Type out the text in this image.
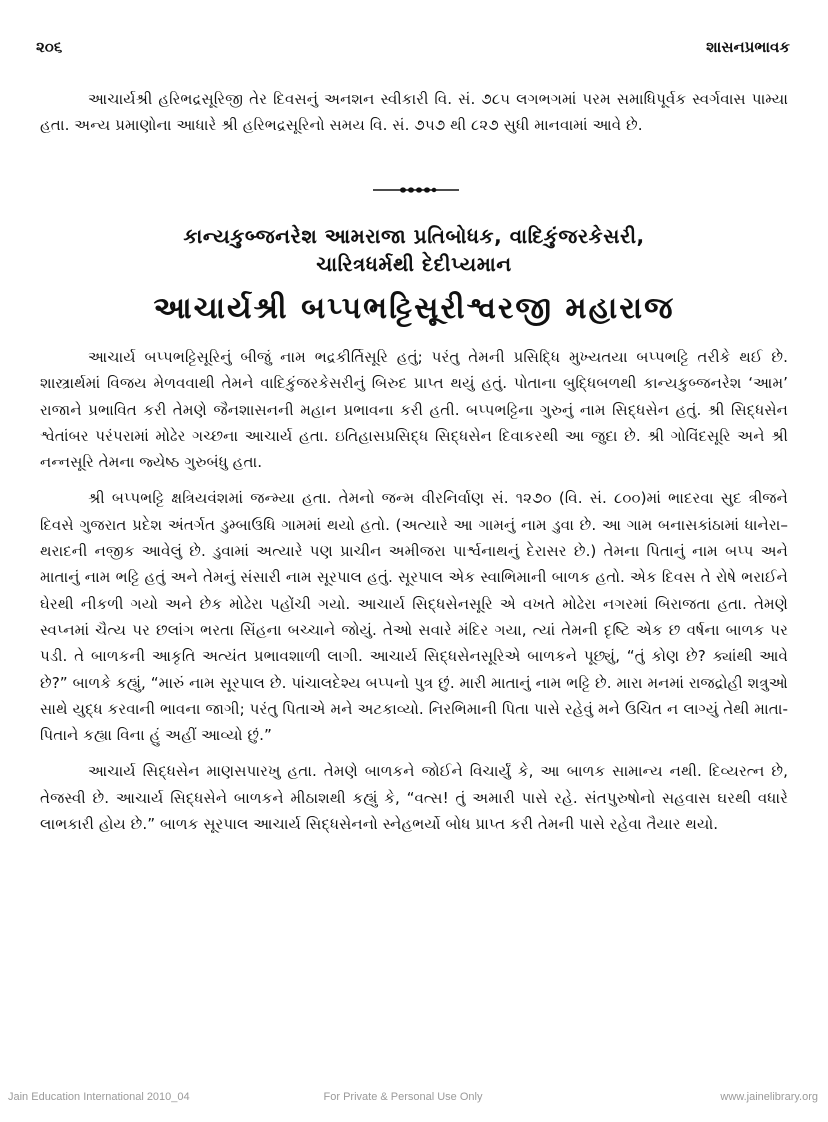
૨૦૬	શાસનપ્રભાવક

આચાર્યશ્રી હરિભદ્રસૂરિજી તેર દિવસનું અનશન સ્વીકારી વિ. સં. ૭૮૫ લગભગમાં પરમ સમાધિપૂર્વક સ્વર્ગવાસ પામ્યા હતા. અન્ય પ્રમાણોના આધારે શ્રી હરિભદ્રસૂરિનો સમય વિ. સં. ૭૫૭ થી ૮૨૭ સુધી માનવામાં આવે છે.

કાન્યકુબ્જનરેશ આમરાજા પ્રતિબોધક, વાદિકુંજરકેસરી,
ચારિત્રધર્મથી દેદીપ્યમાન
આચાર્યશ્રી બપ્પભટ્ટિસૂરીશ્વરજી મહારાજ

આચાર્ય બપ્પભટ્ટિસૂરિનું બીજું નામ ભદ્રકીર્તિસૂરિ હતું; પરંતુ તેમની પ્રસિદ્ધિ મુખ્યતયા બપ્પભટ્ટિ તરીકે થઈ છે. શાસ્ત્રાર્થમાં વિજય મેળવવાથી તેમને વાદિકુંજરકેસરીનું બિરુદ પ્રાપ્ત થયું હતું. પોતાના બુદ્ધિબળથી કાન્યકુબ્જનરેશ ‘આમ’ રાજાને પ્રભાવિત કરી તેમણે જૈનશાસનની મહાન પ્રભાવના કરી હતી. બપ્પભટ્ટિના ગુરુનું નામ સિદ્ધસેન હતું. શ્રી સિદ્ધસેન શ્વેતાંબર પરંપરામાં મોઢેર ગચ્છના આચાર્ય હતા. ઇતિહાસપ્રસિદ્ધ સિદ્ધસેન દિવાકરથી આ જુદા છે. શ્રી ગોવિંદસૂરિ અને શ્રી નન્નસૂરિ તેમના જ્યેષ્ઠ ગુરુબંધુ હતા.

શ્રી બપ્પભટ્ટિ ક્ષત્રિયવંશમાં જન્મ્યા હતા. તેમનો જન્મ વીરનિર્વાણ સં. ૧૨૭૦ (વિ. સં. ૮૦૦)માં ભાદરવા સુદ ત્રીજને દિવસે ગુજરાત પ્રદેશ અંતર્ગત ડુમ્બાઉધિ ગામમાં થયો હતો. (અત્યારે આ ગામનું નામ ડુવા છે. આ ગામ બનાસકાંઠામાં ધાનેરા–થરાદની નજીક આવેલું છે. ડુવામાં અત્યારે પણ પ્રાચીન અમીજરા પાર્શ્વનાથનું દેરાસર છે.) તેમના પિતાનું નામ બપ્પ અને માતાનું નામ ભટ્ટિ હતું અને તેમનું સંસારી નામ સૂરપાલ હતું. સૂરપાલ એક સ્વાભિમાની બાળક હતો. એક દિવસ તે રોષે ભરાઈને ઘેરથી નીકળી ગયો અને છેક મોઢેરા પહોંચી ગયો. આચાર્ય સિદ્ધસેનસૂરિ એ વખતે મોઢેરા નગરમાં બિરાજતા હતા. તેમણે સ્વપ્નમાં ચૈત્ય પર છલાંગ ભરતા સિંહના બચ્ચાને જોયું. તેઓ સવારે મંદિર ગયા, ત્યાં તેમની દૃષ્ટિ એક છ વર્ષના બાળક પર પડી. તે બાળકની આકૃતિ અત્યંત પ્રભાવશાળી લાગી. આચાર્ય સિદ્ધસેનસૂરિએ બાળકને પૂછ્યું, “તું કોણ છે? ક્યાંથી આવે છે?” બાળકે કહ્યું, “મારું નામ સૂરપાલ છે. પાંચાલદેશ્ય બપ્પનો પુત્ર છું. મારી માતાનું નામ ભટ્ટિ છે. મારા મનમાં રાજદ્રોહી શત્રુઓ સાથે યુદ્ધ કરવાની ભાવના જાગી; પરંતુ પિતાએ મને અટકાવ્યો. નિરભિમાની પિતા પાસે રહેવું મને ઉચિત ન લાગ્યું તેથી માતા-પિતાને કહ્યા વિના હું અહીં આવ્યો છું.”

આચાર્ય સિદ્ધસેન માણસપારખુ હતા. તેમણે બાળકને જોઈને વિચાર્યું કે, આ બાળક સામાન્ય નથી. દિવ્યરત્ન છે, તેજસ્વી છે. આચાર્ય સિદ્ધસેને બાળકને મીઠાશથી કહ્યું કે, “વત્સ! તું અમારી પાસે રહે. સંતપુરુષોનો સહવાસ ઘરથી વધારે લાભકારી હોય છે.” બાળક સૂરપાલ આચાર્ય સિદ્ધસેનનો સ્નેહભર્યો બોધ પ્રાપ્ત કરી તેમની પાસે રહેવા તૈયાર થયો.

Jain Education International 2010_04	For Private & Personal Use Only	www.jainelibrary.org
